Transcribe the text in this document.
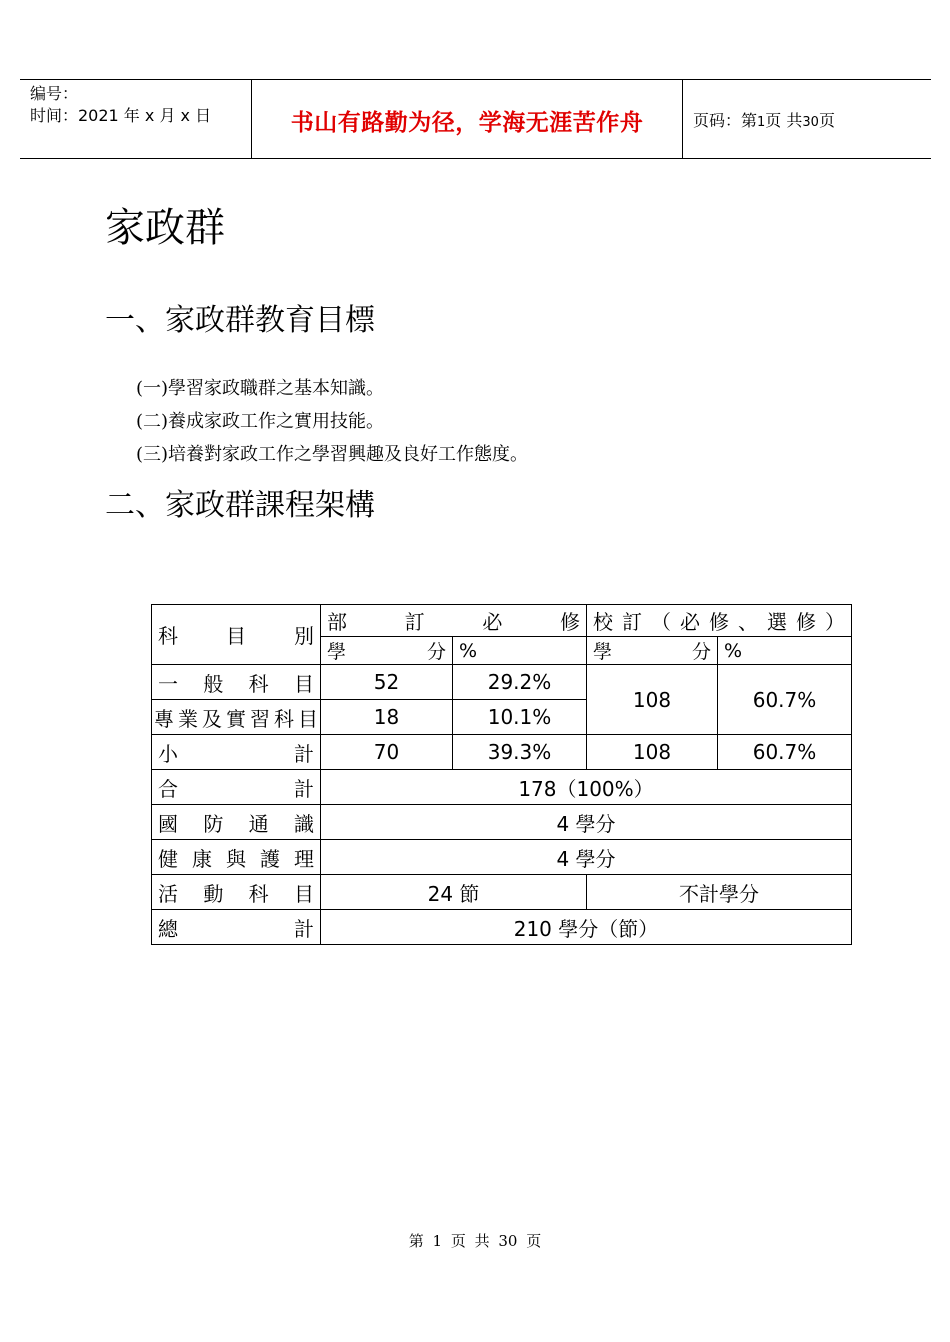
编号：
时间：2021 年 x 月 x 日	书山有路勤为径，学海无涯苦作舟	页码：第1页 共30页
家政群
一、家政群教育目標
(一)學習家政職群之基本知識。
(二)養成家政工作之實用技能。
(三)培養對家政工作之學習興趣及良好工作態度。
二、家政群課程架構
科目別	部訂必修		校訂（必修、選修）	
	學分	%	學分	%
一般科目	52	29.2%	108	60.7%
專業及實習科目	18	10.1%		
小計	70	39.3%	108	60.7%
合計	178（100%）			
國防通識	4 學分			
健康與護理	4 學分			
活動科目	24 節		不計學分	
總計	210 學分（節）			
第 1 页 共 30 页
